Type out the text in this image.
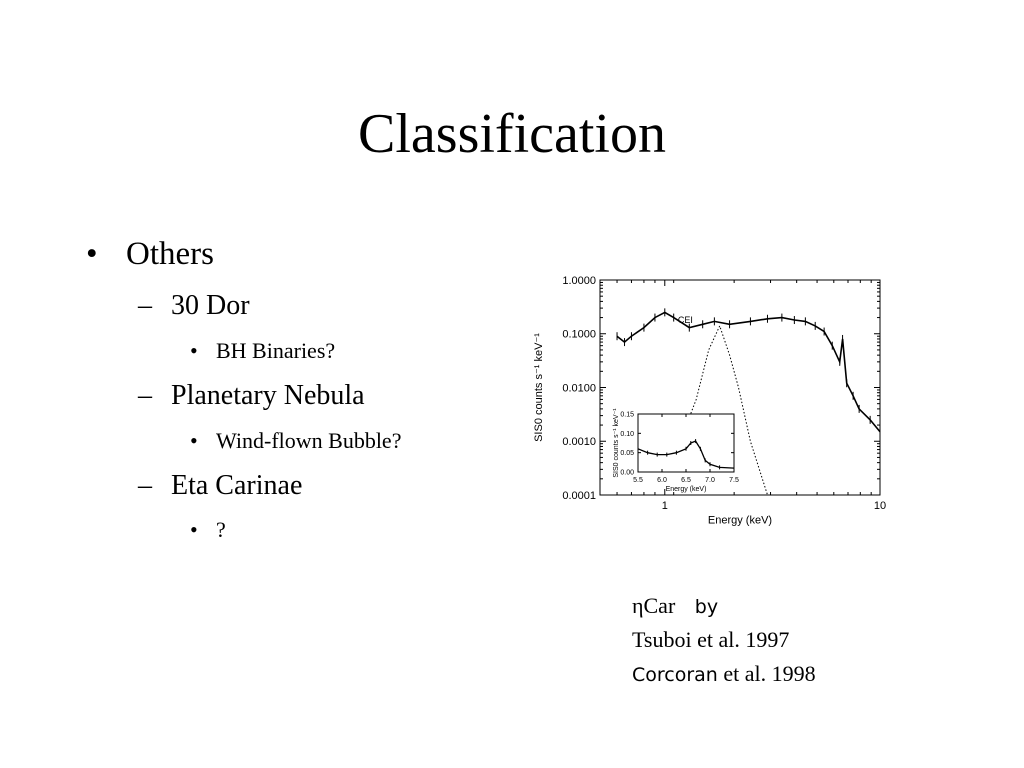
Classification
• Others
– 30 Dor
• BH Binaries?
– Planetary Nebula
• Wind-flown Bubble?
– Eta Carinae
• ?
1.0000
0.1000
0.0100
0.0010
0.0001
1	10
Energy (keV)
SIS0 counts s⁻¹ keV⁻¹
CEI
0.15
0.10
0.05
0.00
5.5 6.0 6.5 7.0 7.5
Energy (keV)
SIS0 counts s⁻¹ keV⁻¹
ηCar by
Tsuboi et al. 1997
Corcoran et al. 1998
